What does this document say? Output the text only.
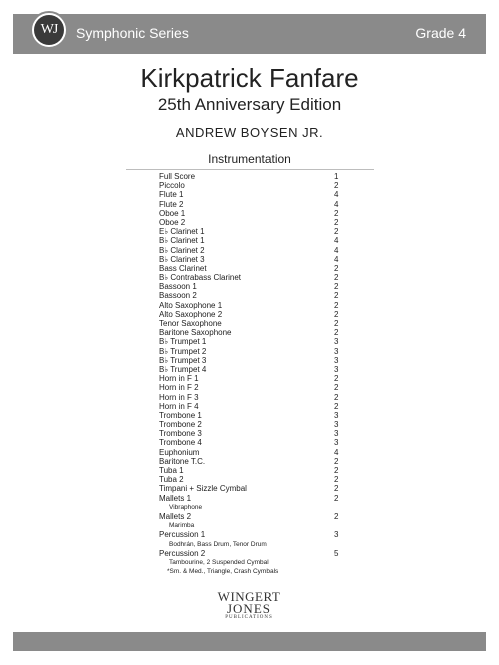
WJ	Symphonic Series	Grade 4
Kirkpatrick Fanfare
25th Anniversary Edition
ANDREW BOYSEN JR.
Instrumentation
Full Score	1
Piccolo	2
Flute 1	4
Flute 2	4
Oboe 1	2
Oboe 2	2
E♭ Clarinet 1	2
B♭ Clarinet 1	4
B♭ Clarinet 2	4
B♭ Clarinet 3	4
Bass Clarinet	2
B♭ Contrabass Clarinet	2
Bassoon 1	2
Bassoon 2	2
Alto Saxophone 1	2
Alto Saxophone 2	2
Tenor Saxophone	2
Baritone Saxophone	2
B♭ Trumpet 1	3
B♭ Trumpet 2	3
B♭ Trumpet 3	3
B♭ Trumpet 4	3
Horn in F 1	2
Horn in F 2	2
Horn in F 3	2
Horn in F 4	2
Trombone 1	3
Trombone 2	3
Trombone 3	3
Trombone 4	3
Euphonium	4
Baritone T.C.	2
Tuba 1	2
Tuba 2	2
Timpani + Sizzle Cymbal	2
Mallets 1	2
Vibraphone
Mallets 2	2
Marimba
Percussion 1	3
Bodhrán, Bass Drum, Tenor Drum
Percussion 2	5
Tambourine, 2 Suspended Cymbal
*Sm. & Med., Triangle, Crash Cymbals
WINGERT
JONES
PUBLICATIONS
